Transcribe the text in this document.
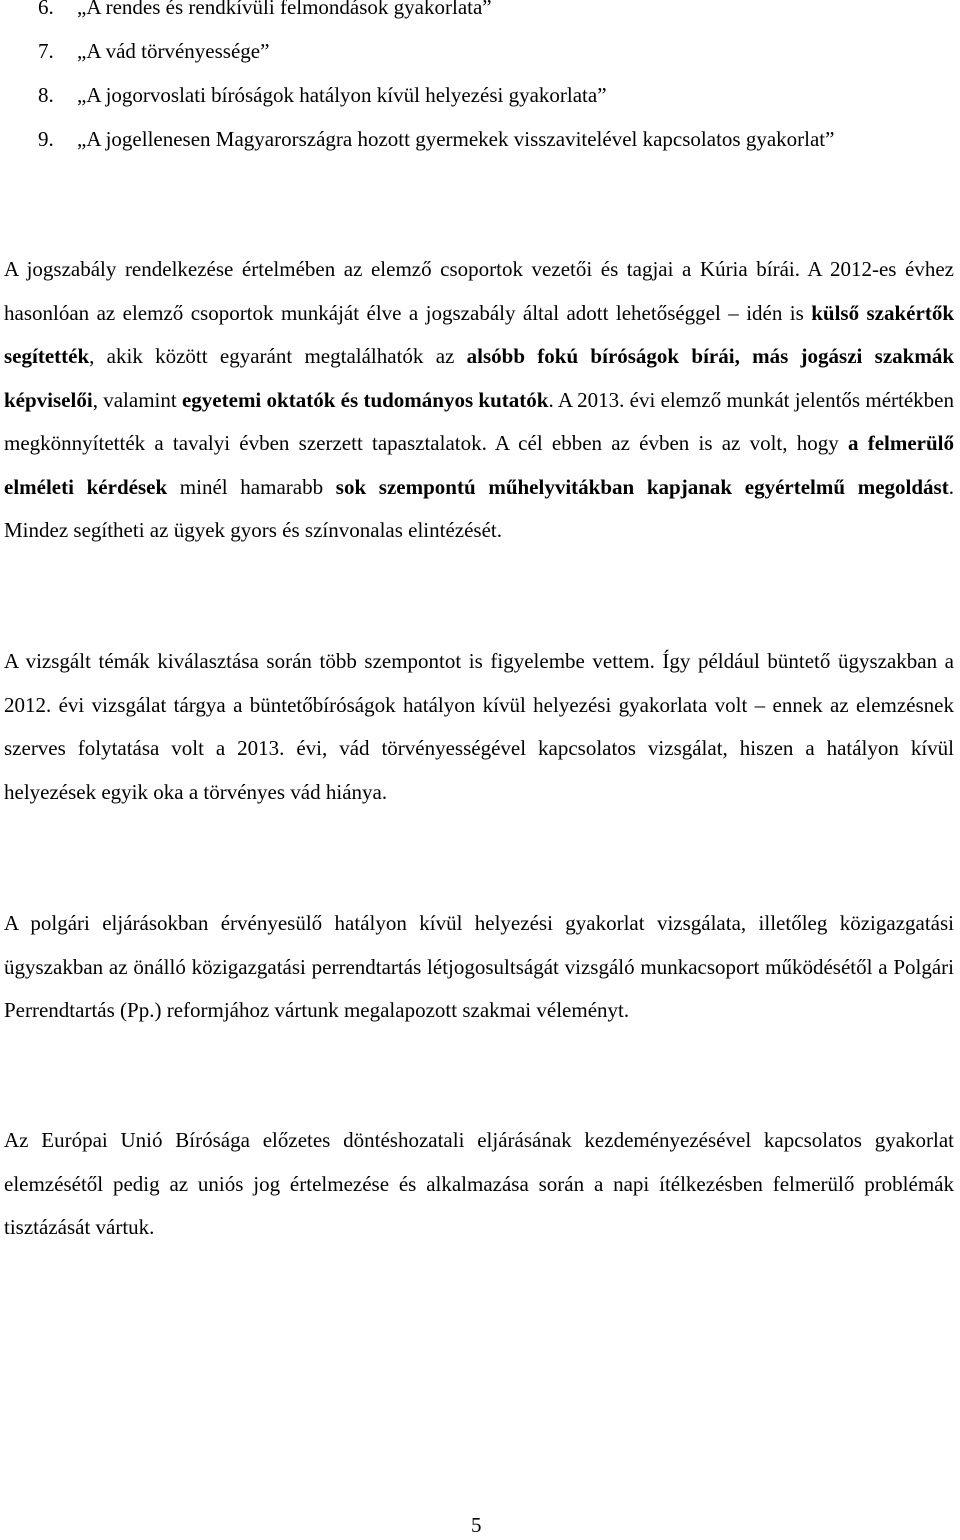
6. „A rendes és rendkívüli felmondások gyakorlata”
7. „A vád törvényessége”
8. „A jogorvoslati bíróságok hatályon kívül helyezési gyakorlata”
9. „A jogellenesen Magyarországra hozott gyermekek visszavitelével kapcsolatos gyakorlat”

A jogszabály rendelkezése értelmében az elemző csoportok vezetői és tagjai a Kúria bírái. A 2012-es évhez hasonlóan az elemző csoportok munkáját élve a jogszabály által adott lehetőséggel – idén is külső szakértők segítették, akik között egyaránt megtalálhatók az alsóbb fokú bíróságok bírái, más jogászi szakmák képviselői, valamint egyetemi oktatók és tudományos kutatók. A 2013. évi elemző munkát jelentős mértékben megkönnyítették a tavalyi évben szerzett tapasztalatok. A cél ebben az évben is az volt, hogy a felmerülő elméleti kérdések minél hamarabb sok szempontú műhelyvitákban kapjanak egyértelmű megoldást. Mindez segítheti az ügyek gyors és színvonalas elintézését.

A vizsgált témák kiválasztása során több szempontot is figyelembe vettem. Így például büntető ügyszakban a 2012. évi vizsgálat tárgya a büntetőbíróságok hatályon kívül helyezési gyakorlata volt – ennek az elemzésnek szerves folytatása volt a 2013. évi, vád törvényességével kapcsolatos vizsgálat, hiszen a hatályon kívül helyezések egyik oka a törvényes vád hiánya.

A polgári eljárásokban érvényesülő hatályon kívül helyezési gyakorlat vizsgálata, illetőleg közigazgatási ügyszakban az önálló közigazgatási perrendtartás létjogosultságát vizsgáló munkacsoport működésétől a Polgári Perrendtartás (Pp.) reformjához vártunk megalapozott szakmai véleményt.

Az Európai Unió Bírósága előzetes döntéshozatali eljárásának kezdeményezésével kapcsolatos gyakorlat elemzésétől pedig az uniós jog értelmezése és alkalmazása során a napi ítélkezésben felmerülő problémák tisztázását vártuk.

5
